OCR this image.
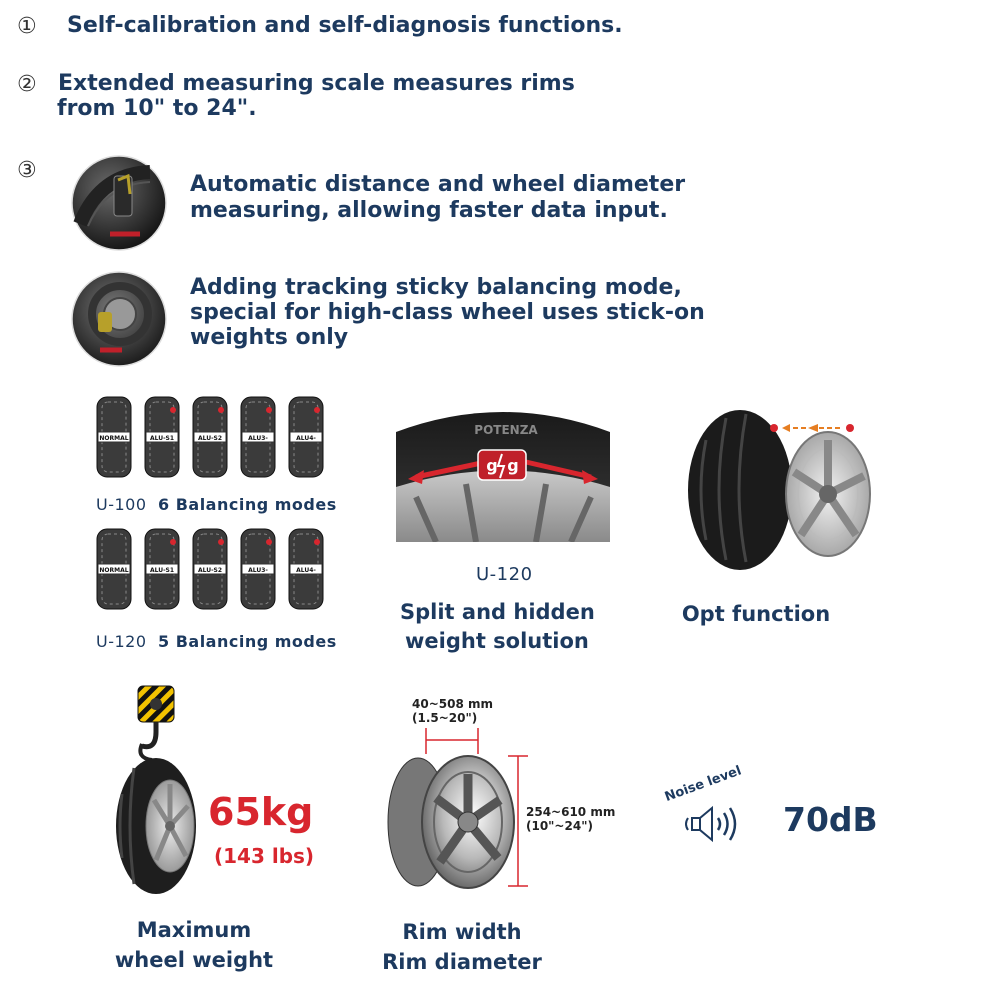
① Self-calibration and self-diagnosis functions.
② Extended measuring scale measures rims
from 10" to 24".
③
Automatic distance and wheel diameter
measuring, allowing faster data input.
Adding tracking sticky balancing mode,
special for high-class wheel uses stick-on
weights only
NORMAL	ALU-S1	ALU-S2	ALU3-	ALU4-
U-100 6 Balancing modes
NORMAL	ALU-S1	ALU-S2	ALU3-	ALU4-
U-120 5 Balancing modes
POTENZA
g g
U-120
Split and hidden
weight solution
Opt function
65kg
(143 lbs)
Maximum
wheel weight
40~508 mm
(1.5~20")
254~610 mm
(10"~24")
Rim width
Rim diameter
Noise level
70dB
